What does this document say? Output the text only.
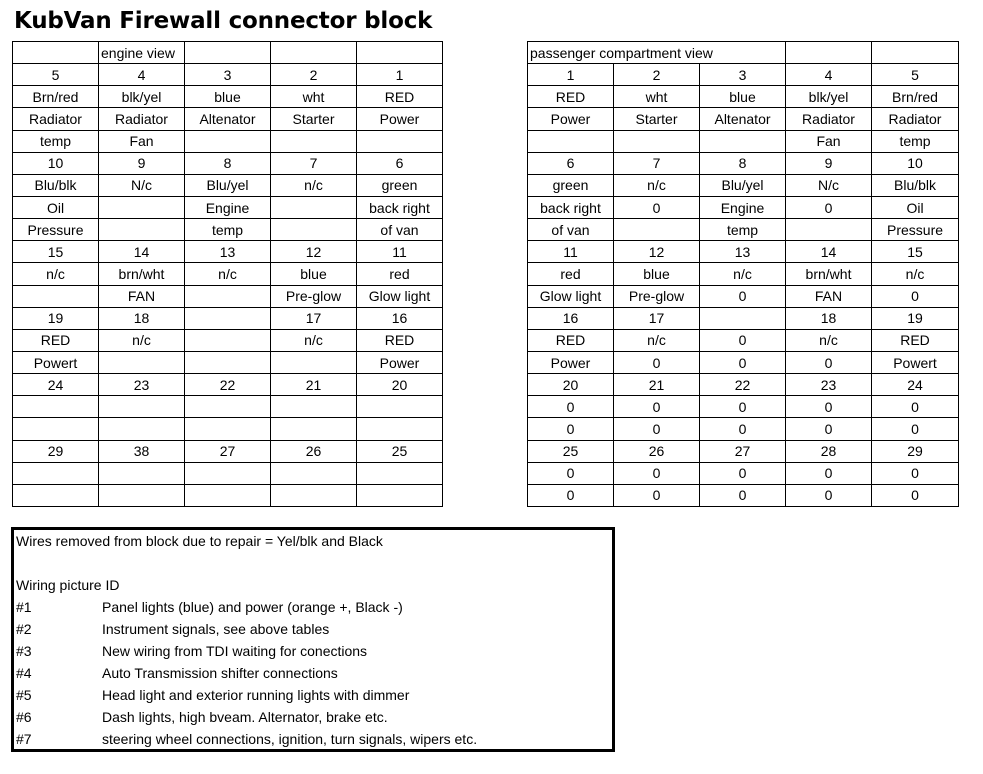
KubVan Firewall connector block
	engine view			
5	4	3	2	1
Brn/red	blk/yel	blue	wht	RED
Radiator	Radiator	Altenator	Starter	Power
temp	Fan			
10	9	8	7	6
Blu/blk	N/c	Blu/yel	n/c	green
Oil		Engine		back right
Pressure		temp		of van
15	14	13	12	11
n/c	brn/wht	n/c	blue	red
	FAN		Pre-glow	Glow light
19	18		17	16
RED	n/c		n/c	RED
Powert				Power
24	23	22	21	20

29	38	27	26	25

passenger compartment view				
1	2	3	4	5
RED	wht	blue	blk/yel	Brn/red
Power	Starter	Altenator	Radiator	Radiator
			Fan	temp
6	7	8	9	10
green	n/c	Blu/yel	N/c	Blu/blk
back right	0	Engine	0	Oil
of van		temp		Pressure
11	12	13	14	15
red	blue	n/c	brn/wht	n/c
Glow light	Pre-glow	0	FAN	0
16	17		18	19
RED	n/c	0	n/c	RED
Power	0	0	0	Powert
20	21	22	23	24
0	0	0	0	0
0	0	0	0	0
25	26	27	28	29
0	0	0	0	0
0	0	0	0	0
Wires removed from block due to repair = Yel/blk and Black
Wiring picture ID
#1	Panel lights (blue) and power (orange +, Black -)
#2	Instrument signals, see above tables
#3	New wiring from TDI waiting for conections
#4	Auto Transmission shifter connections
#5	Head light and exterior running lights with dimmer
#6	Dash lights, high bveam. Alternator, brake etc.
#7	steering wheel connections, ignition, turn signals, wipers etc.
